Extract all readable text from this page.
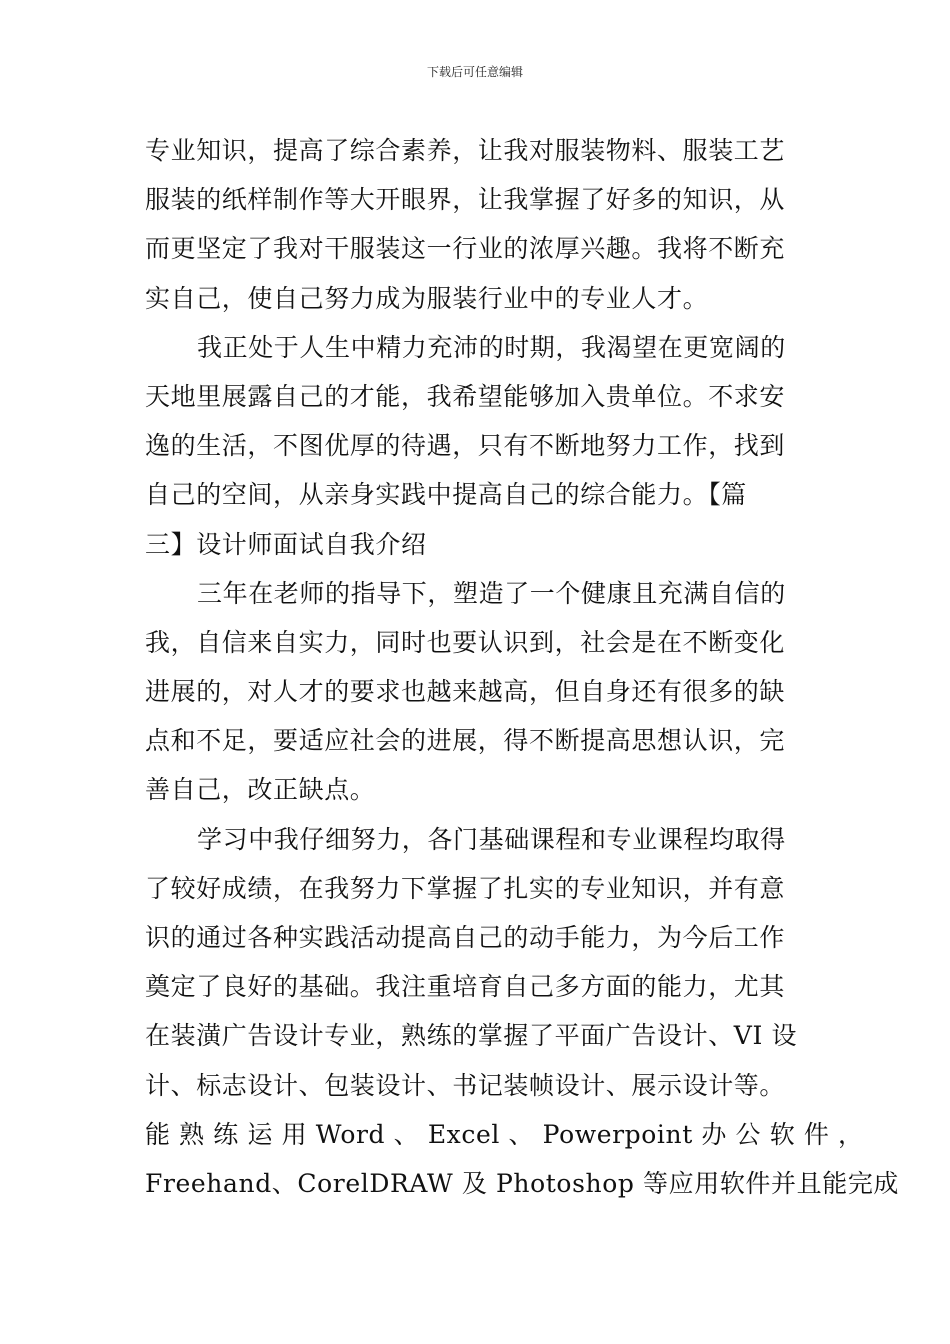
下载后可任意编辑
专业知识，提高了综合素养，让我对服装物料、服装工艺
服装的纸样制作等大开眼界，让我掌握了好多的知识，从
而更坚定了我对干服装这一行业的浓厚兴趣。我将不断充
实自己，使自己努力成为服装行业中的专业人才。
我正处于人生中精力充沛的时期，我渴望在更宽阔的
天地里展露自己的才能，我希望能够加入贵单位。不求安
逸的生活，不图优厚的待遇，只有不断地努力工作，找到
自己的空间，从亲身实践中提高自己的综合能力。【篇
三】设计师面试自我介绍
三年在老师的指导下，塑造了一个健康且充满自信的
我，自信来自实力，同时也要认识到，社会是在不断变化
进展的，对人才的要求也越来越高，但自身还有很多的缺
点和不足，要适应社会的进展，得不断提高思想认识，完
善自己，改正缺点。
学习中我仔细努力，各门基础课程和专业课程均取得
了较好成绩，在我努力下掌握了扎实的专业知识，并有意
识的通过各种实践活动提高自己的动手能力，为今后工作
奠定了良好的基础。我注重培育自己多方面的能力，尤其
在装潢广告设计专业，熟练的掌握了平面广告设计、VI 设
计、标志设计、包装设计、书记装帧设计、展示设计等。
能 熟 练 运 用 Word 、 Excel 、 Powerpoint 办 公 软 件 ，
Freehand、CorelDRAW 及 Photoshop 等应用软件并且能完成
